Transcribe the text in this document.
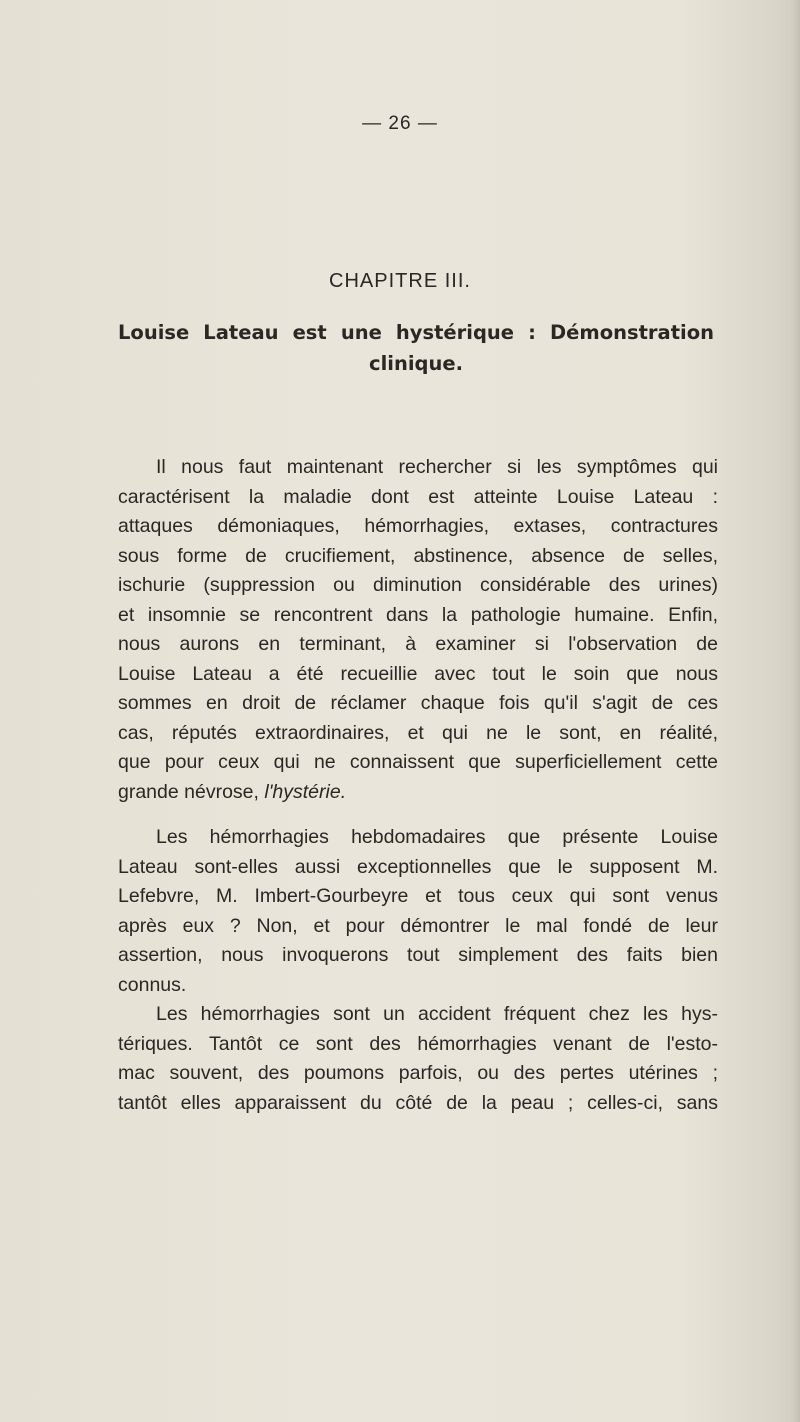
— 26 —
CHAPITRE III.
Louise Lateau est une hystérique : Démonstration
clinique.
Il nous faut maintenant rechercher si les symptômes qui
caractérisent la maladie dont est atteinte Louise Lateau :
attaques démoniaques, hémorrhagies, extases, contractures
sous forme de crucifiement, abstinence, absence de selles,
ischurie (suppression ou diminution considérable des urines)
et insomnie se rencontrent dans la pathologie humaine. Enfin,
nous aurons en terminant, à examiner si l'observation de
Louise Lateau a été recueillie avec tout le soin que nous
sommes en droit de réclamer chaque fois qu'il s'agit de ces
cas, réputés extraordinaires, et qui ne le sont, en réalité,
que pour ceux qui ne connaissent que superficiellement cette
grande névrose, l'hystérie.
Les hémorrhagies hebdomadaires que présente Louise
Lateau sont-elles aussi exceptionnelles que le supposent M.
Lefebvre, M. Imbert-Gourbeyre et tous ceux qui sont venus
après eux ? Non, et pour démontrer le mal fondé de leur
assertion, nous invoquerons tout simplement des faits bien
connus.
Les hémorrhagies sont un accident fréquent chez les hys-
tériques. Tantôt ce sont des hémorrhagies venant de l'esto-
mac souvent, des poumons parfois, ou des pertes utérines ;
tantôt elles apparaissent du côté de la peau ; celles-ci, sans
